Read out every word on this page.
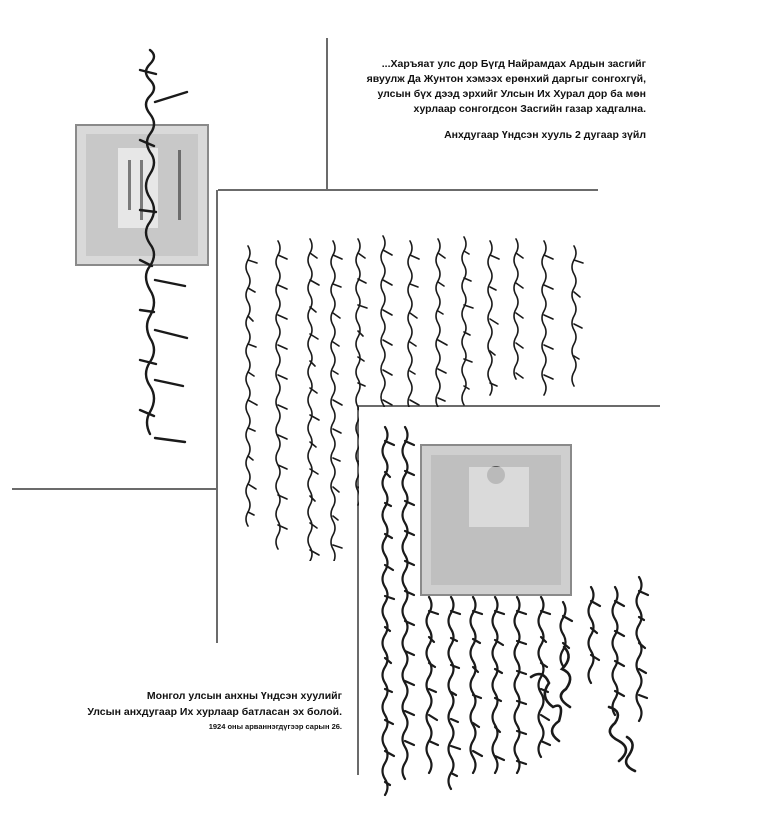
...Харъяат улс дор Бүгд Найрамдах Ардын засгийг
явуулж Да Жунтон хэмээх ерөнхий даргыг сонгохгүй,
улсын бүх дээд эрхийг Улсын Их Хурал дор ба мөн
хурлаар сонгогдсон Засгийн газар хадгална.
Анхдугаар Үндсэн хууль 2 дугаар зүйл
Монгол улсын анхны Үндсэн хуулийг
Улсын анхдугаар Их хурлаар батласан эх болой.
1924 оны арваннэгдүгээр сарын 26.
